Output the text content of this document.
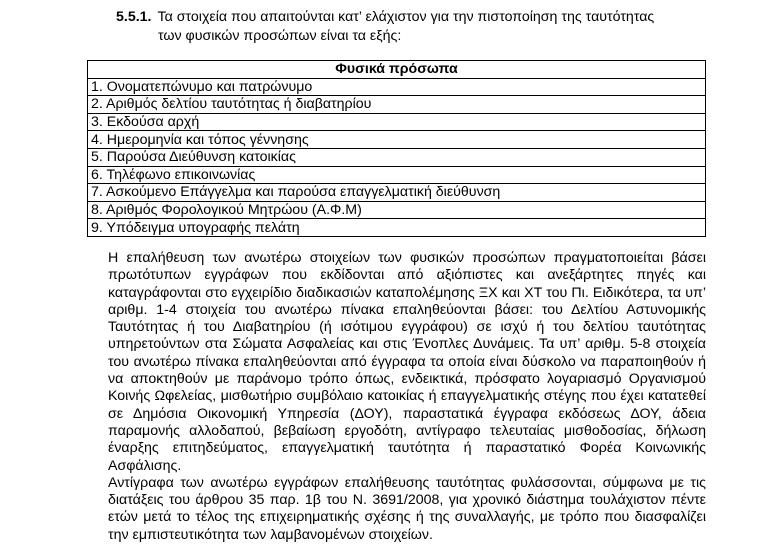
5.5.1. Τα στοιχεία που απαιτούνται κατ’ ελάχιστον για την πιστοποίηση της ταυτότητας
των φυσικών προσώπων είναι τα εξής:
Φυσικά πρόσωπα
1. Ονοματεπώνυμο και πατρώνυμο
2. Αριθμός δελτίου ταυτότητας ή διαβατηρίου
3. Εκδούσα αρχή
4. Ημερομηνία και τόπος γέννησης
5. Παρούσα Διεύθυνση κατοικίας
6. Τηλέφωνο επικοινωνίας
7. Ασκούμενο Επάγγελμα και παρούσα επαγγελματική διεύθυνση
8. Αριθμός Φορολογικού Μητρώου (Α.Φ.Μ)
9. Υπόδειγμα υπογραφής πελάτη

Η επαλήθευση των ανωτέρω στοιχείων των φυσικών προσώπων πραγματοποιείται βάσει πρωτότυπων εγγράφων που εκδίδονται από αξιόπιστες και ανεξάρτητες πηγές και καταγράφονται στο εγχειρίδιο διαδικασιών καταπολέμησης ΞΧ και ΧΤ του Πι. Ειδικότερα, τα υπ’ αριθμ. 1-4 στοιχεία του ανωτέρω πίνακα επαληθεύονται βάσει: του Δελτίου Αστυνομικής Ταυτότητας ή του Διαβατηρίου (ή ισότιμου εγγράφου) σε ισχύ ή του δελτίου ταυτότητας υπηρετούντων στα Σώματα Ασφαλείας και στις Ένοπλες Δυνάμεις. Τα υπ’ αριθμ. 5-8 στοιχεία του ανωτέρω πίνακα επαληθεύονται από έγγραφα τα οποία είναι δύσκολο να παραποιηθούν ή να αποκτηθούν με παράνομο τρόπο όπως, ενδεικτικά, πρόσφατο λογαριασμό Οργανισμού Κοινής Ωφελείας, μισθωτήριο συμβόλαιο κατοικίας ή επαγγελματικής στέγης που έχει κατατεθεί σε Δημόσια Οικονομική Υπηρεσία (ΔΟΥ), παραστατικά έγγραφα εκδόσεως ΔΟΥ, άδεια παραμονής αλλοδαπού, βεβαίωση εργοδότη, αντίγραφο τελευταίας μισθοδοσίας, δήλωση έναρξης επιτηδεύματος, επαγγελματική ταυτότητα ή παραστατικό Φορέα Κοινωνικής Ασφάλισης.

Αντίγραφα των ανωτέρω εγγράφων επαλήθευσης ταυτότητας φυλάσσονται, σύμφωνα με τις διατάξεις του άρθρου 35 παρ. 1β του Ν. 3691/2008, για χρονικό διάστημα τουλάχιστον πέντε ετών μετά το τέλος της επιχειρηματικής σχέσης ή της συναλλαγής, με τρόπο που διασφαλίζει την εμπιστευτικότητα των λαμβανομένων στοιχείων.
